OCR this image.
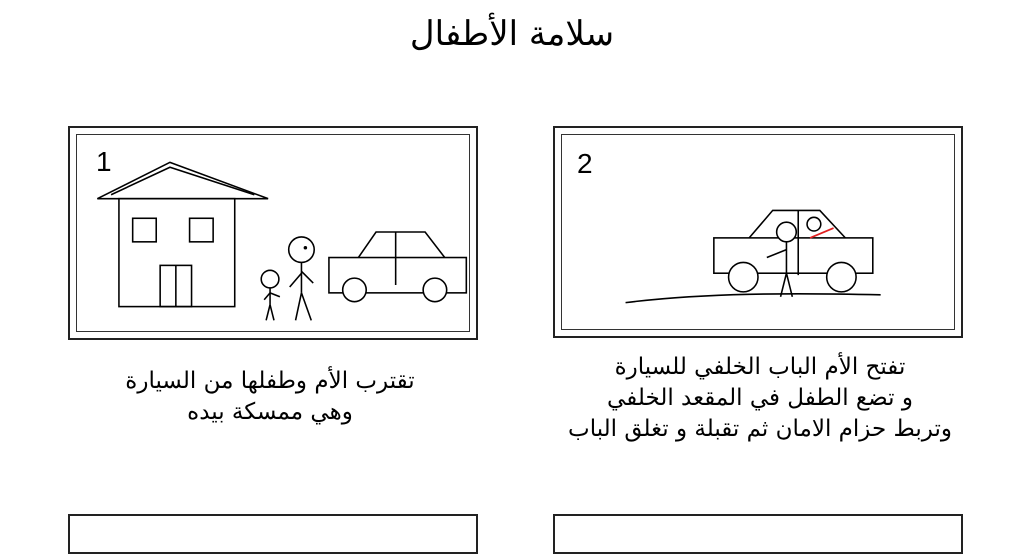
سلامة الأطفال
1	2
تقترب الأم وطفلها من السيارة
وهي ممسكة بيده
تفتح الأم الباب الخلفي للسيارة
و تضع الطفل في المقعد الخلفي
وتربط حزام الامان ثم تقبلة و تغلق الباب
